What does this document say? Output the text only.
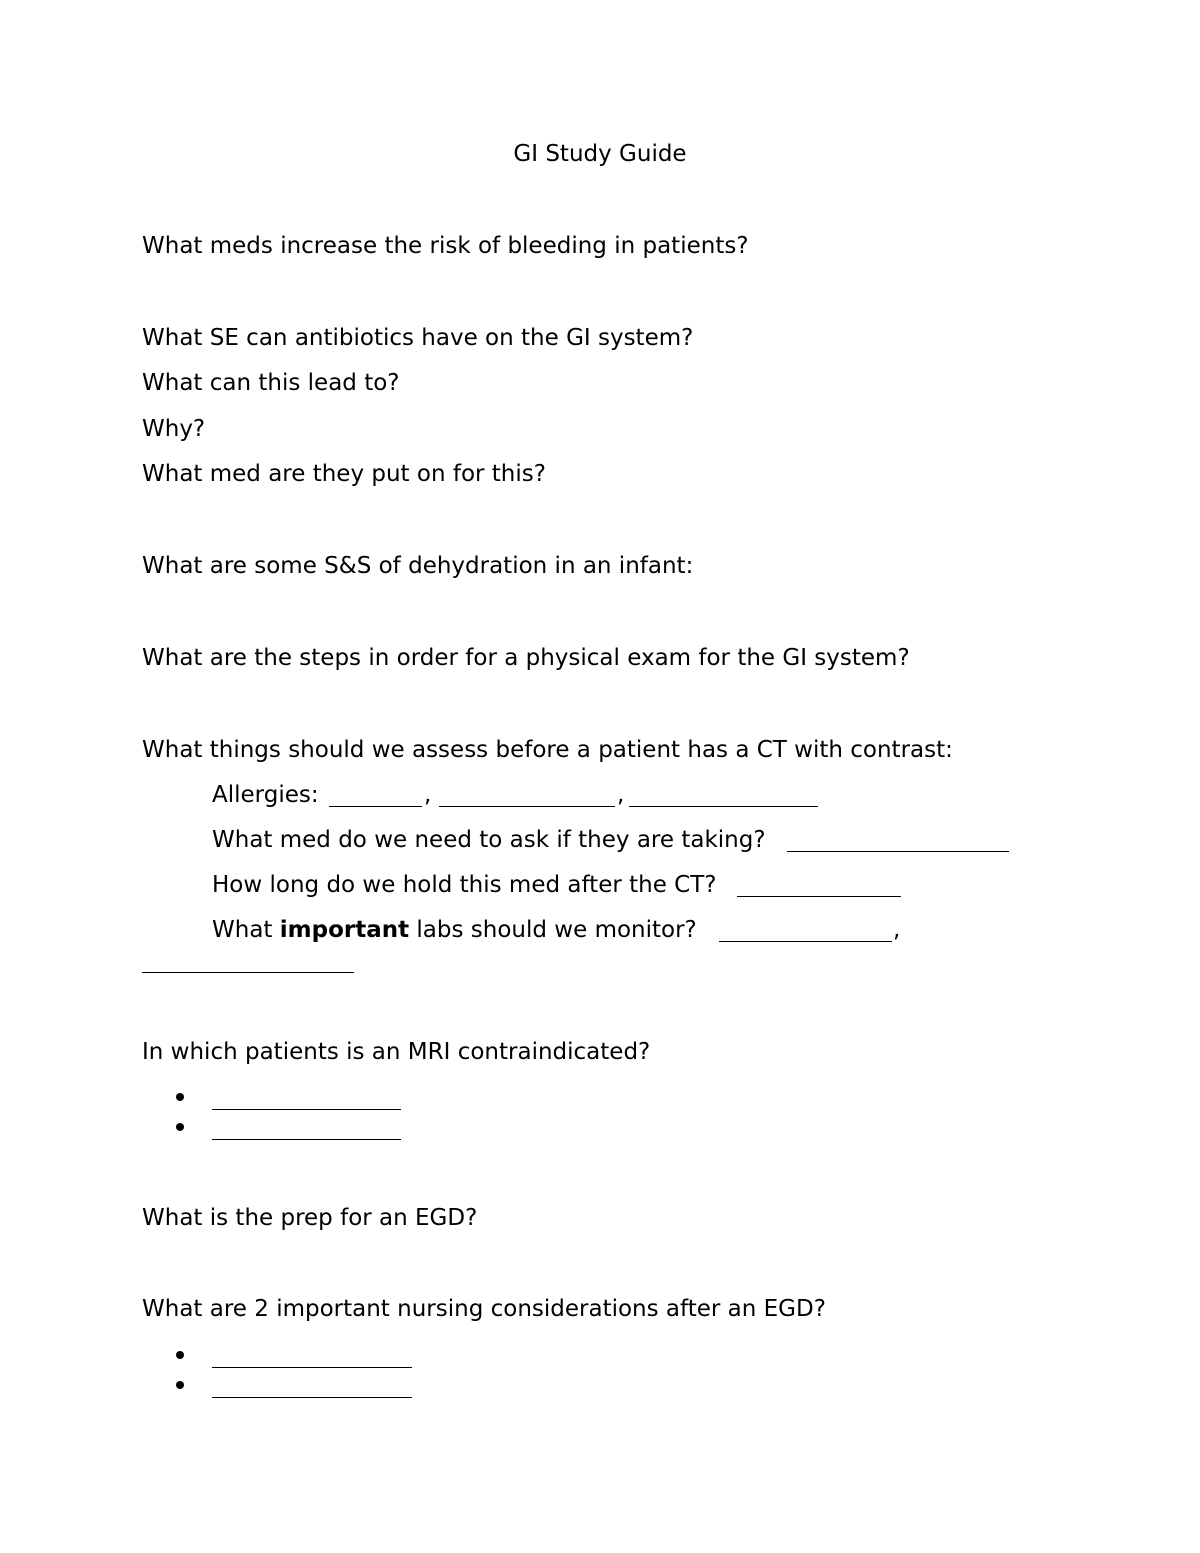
GI Study Guide
What meds increase the risk of bleeding in patients?
What SE can antibiotics have on the GI system?
What can this lead to?
Why?
What med are they put on for this?
What are some S&S of dehydration in an infant:
What are the steps in order for a physical exam for the GI system?
What things should we assess before a patient has a CT with contrast:
Allergies:	,	,
What med do we need to ask if they are taking?
How long do we hold this med after the CT?
What important labs should we monitor?	,
In which patients is an MRI contraindicated?
What is the prep for an EGD?
What are 2 important nursing considerations after an EGD?
